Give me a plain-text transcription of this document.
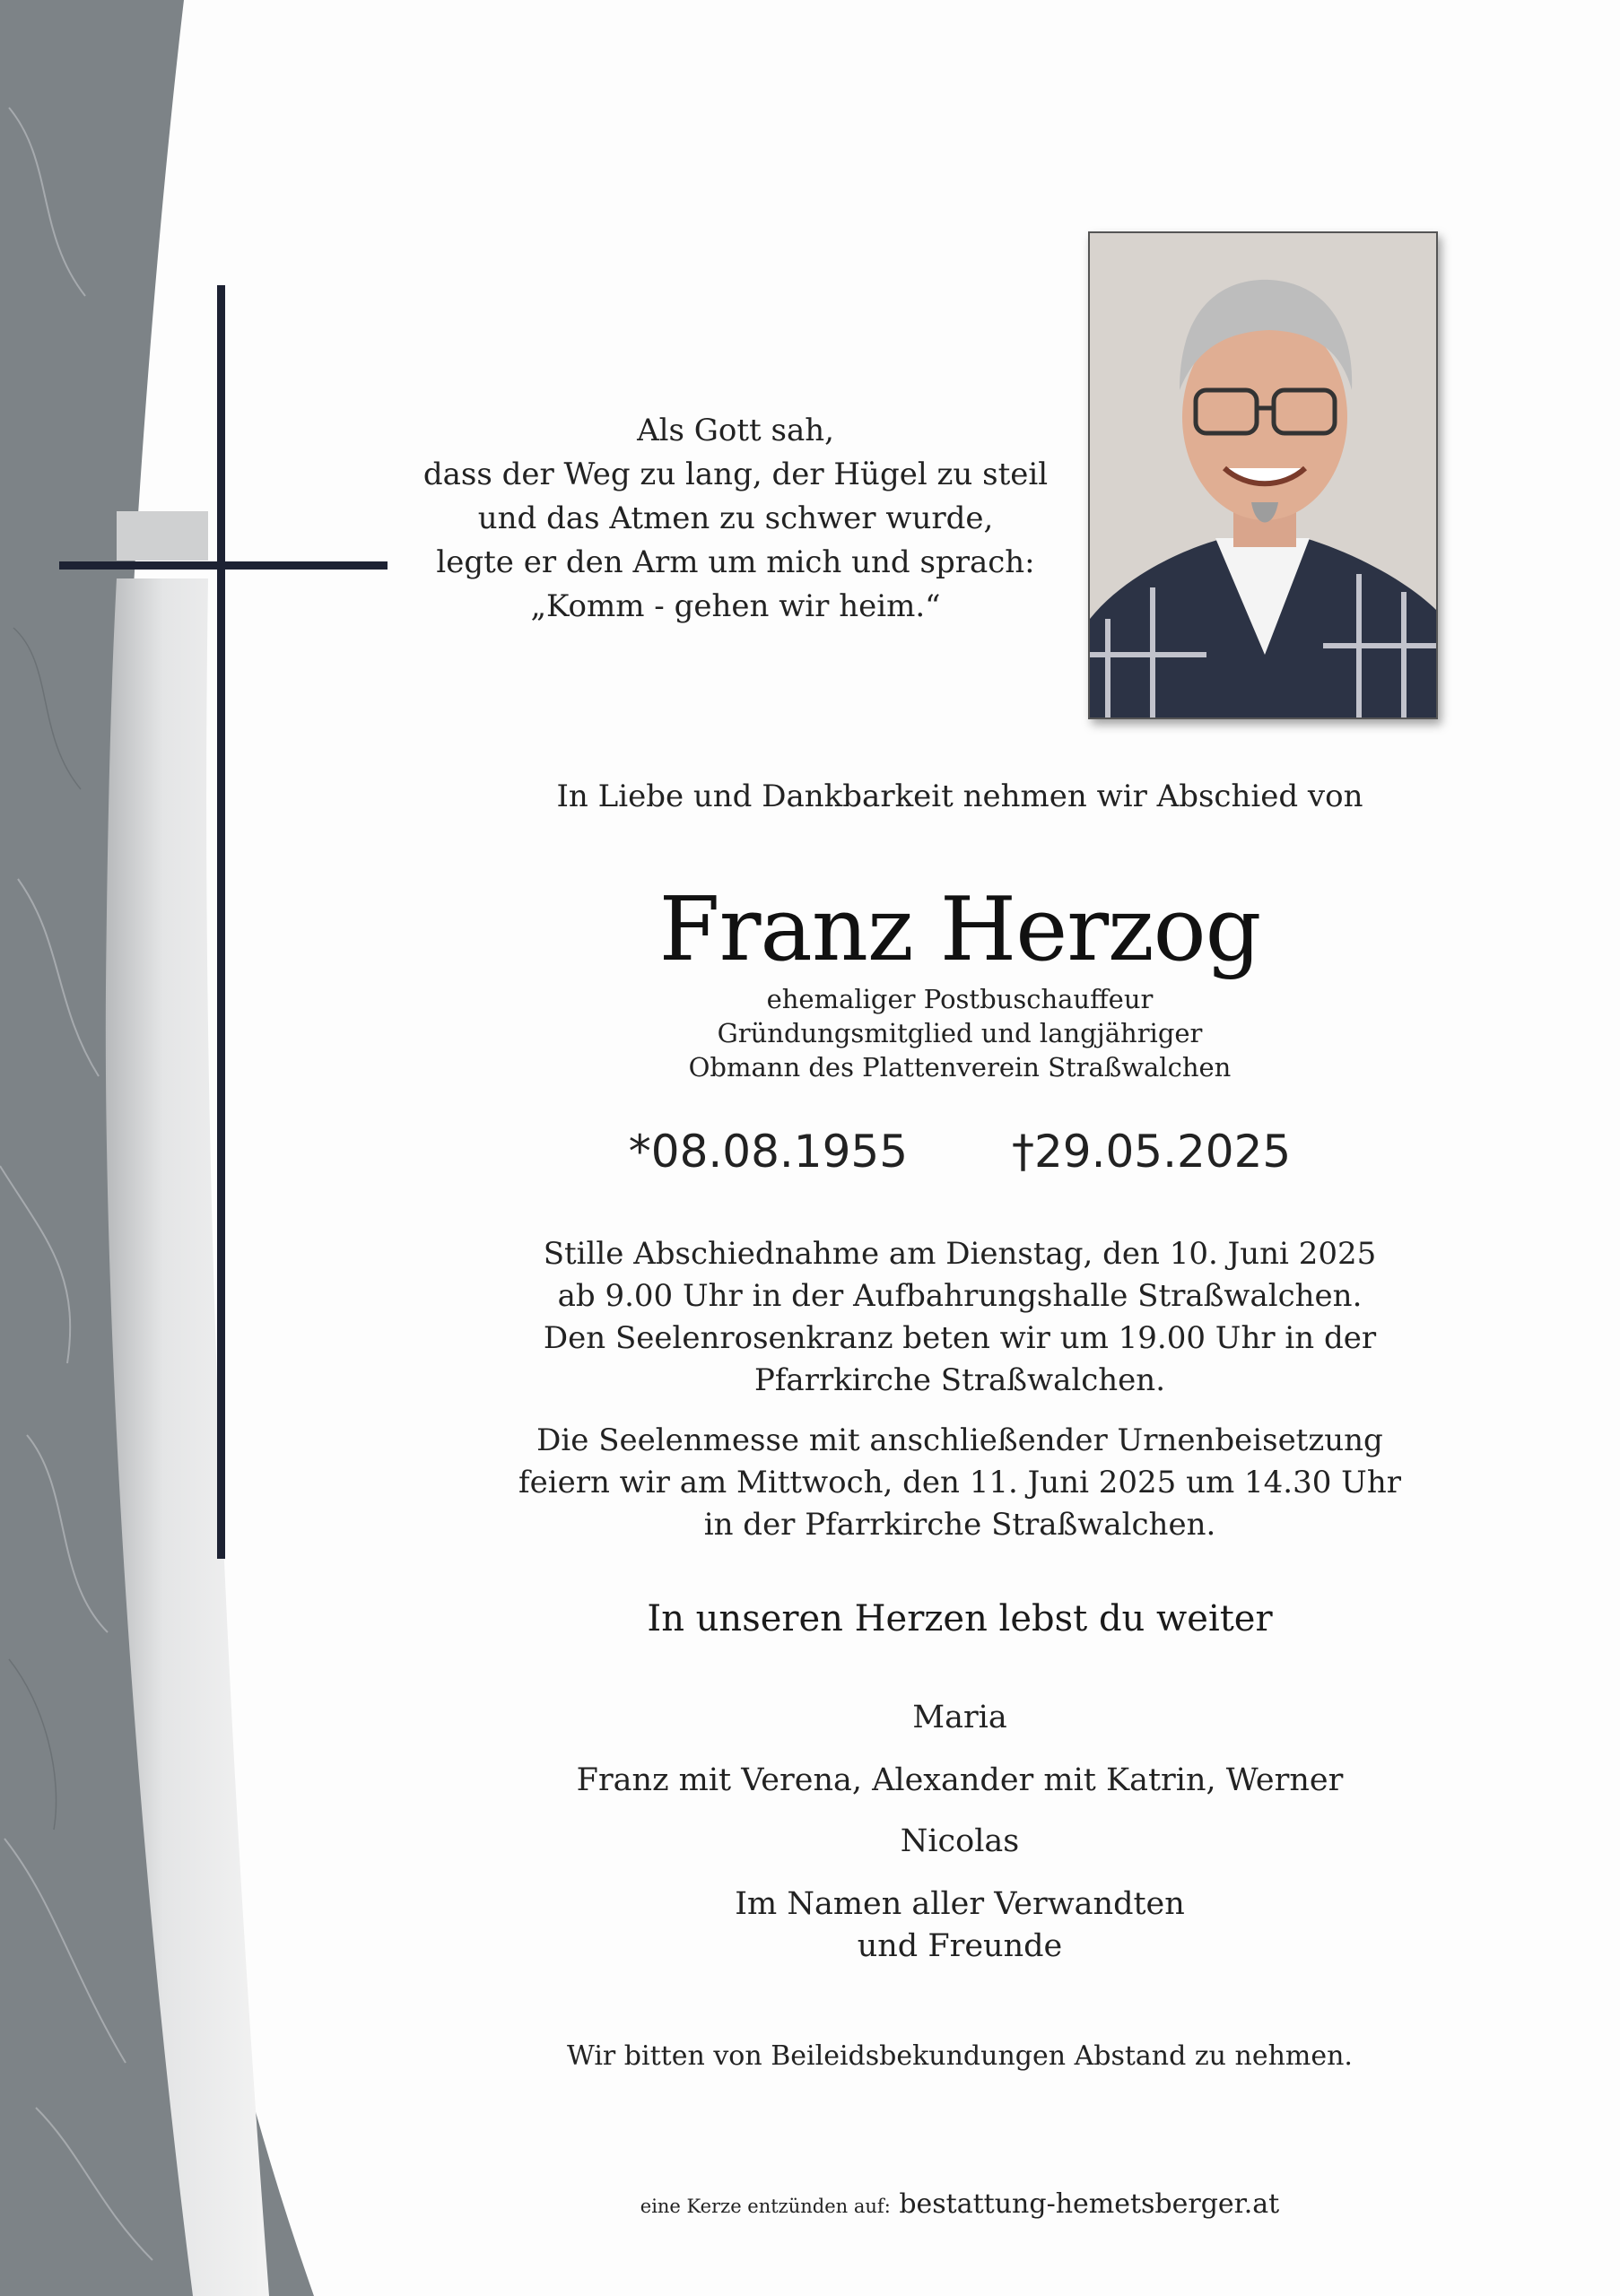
Als Gott sah,
dass der Weg zu lang, der Hügel zu steil
und das Atmen zu schwer wurde,
legte er den Arm um mich und sprach:
„Komm - gehen wir heim.“
In Liebe und Dankbarkeit nehmen wir Abschied von
Franz Herzog
ehemaliger Postbuschauffeur
Gründungsmitglied und langjähriger
Obmann des Plattenverein Straßwalchen
*08.08.1955 †29.05.2025
Stille Abschiednahme am Dienstag, den 10. Juni 2025
ab 9.00 Uhr in der Aufbahrungshalle Straßwalchen.
Den Seelenrosenkranz beten wir um 19.00 Uhr in der
Pfarrkirche Straßwalchen.
Die Seelenmesse mit anschließender Urnenbeisetzung
feiern wir am Mittwoch, den 11. Juni 2025 um 14.30 Uhr
in der Pfarrkirche Straßwalchen.
In unseren Herzen lebst du weiter
Maria
Franz mit Verena, Alexander mit Katrin, Werner
Nicolas
Im Namen aller Verwandten
und Freunde
Wir bitten von Beileidsbekundungen Abstand zu nehmen.
eine Kerze entzünden auf: bestattung-hemetsberger.at
